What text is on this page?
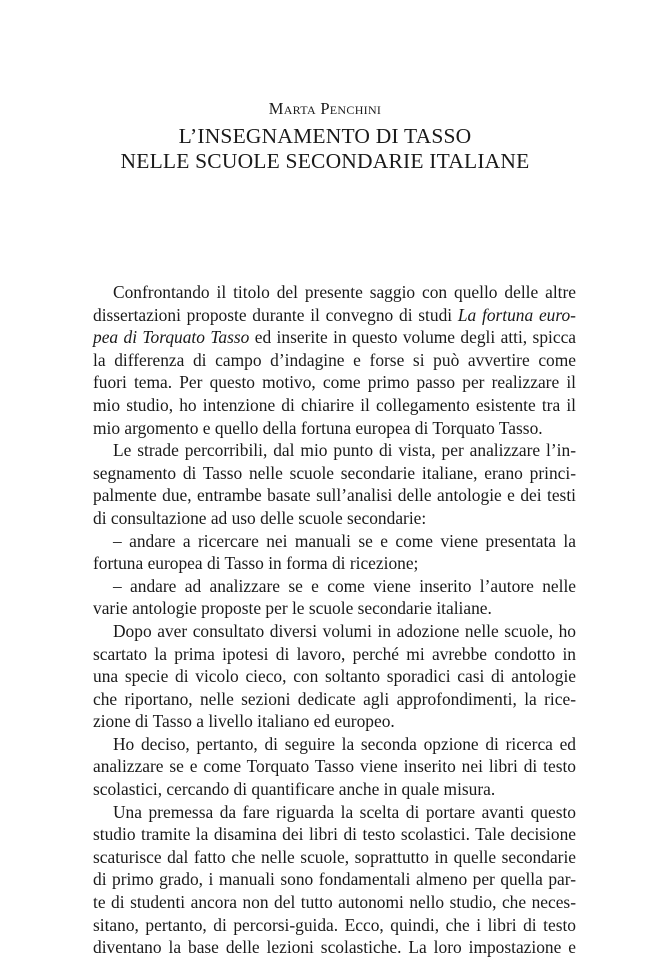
Marta Penchini
L’INSEGNAMENTO DI TASSO
NELLE SCUOLE SECONDARIE ITALIANE
Confrontando il titolo del presente saggio con quello delle altre
dissertazioni proposte durante il convegno di studi La fortuna euro-
pea di Torquato Tasso ed inserite in questo volume degli atti, spicca
la differenza di campo d’indagine e forse si può avvertire come
fuori tema. Per questo motivo, come primo passo per realizzare il
mio studio, ho intenzione di chiarire il collegamento esistente tra il
mio argomento e quello della fortuna europea di Torquato Tasso.
Le strade percorribili, dal mio punto di vista, per analizzare l’in-
segnamento di Tasso nelle scuole secondarie italiane, erano princi-
palmente due, entrambe basate sull’analisi delle antologie e dei testi
di consultazione ad uso delle scuole secondarie:
– andare a ricercare nei manuali se e come viene presentata la
fortuna europea di Tasso in forma di ricezione;
– andare ad analizzare se e come viene inserito l’autore nelle
varie antologie proposte per le scuole secondarie italiane.
Dopo aver consultato diversi volumi in adozione nelle scuole, ho
scartato la prima ipotesi di lavoro, perché mi avrebbe condotto in
una specie di vicolo cieco, con soltanto sporadici casi di antologie
che riportano, nelle sezioni dedicate agli approfondimenti, la rice-
zione di Tasso a livello italiano ed europeo.
Ho deciso, pertanto, di seguire la seconda opzione di ricerca ed
analizzare se e come Torquato Tasso viene inserito nei libri di testo
scolastici, cercando di quantificare anche in quale misura.
Una premessa da fare riguarda la scelta di portare avanti questo
studio tramite la disamina dei libri di testo scolastici. Tale decisione
scaturisce dal fatto che nelle scuole, soprattutto in quelle secondarie
di primo grado, i manuali sono fondamentali almeno per quella par-
te di studenti ancora non del tutto autonomi nello studio, che neces-
sitano, pertanto, di percorsi-guida. Ecco, quindi, che i libri di testo
diventano la base delle lezioni scolastiche. La loro impostazione e
